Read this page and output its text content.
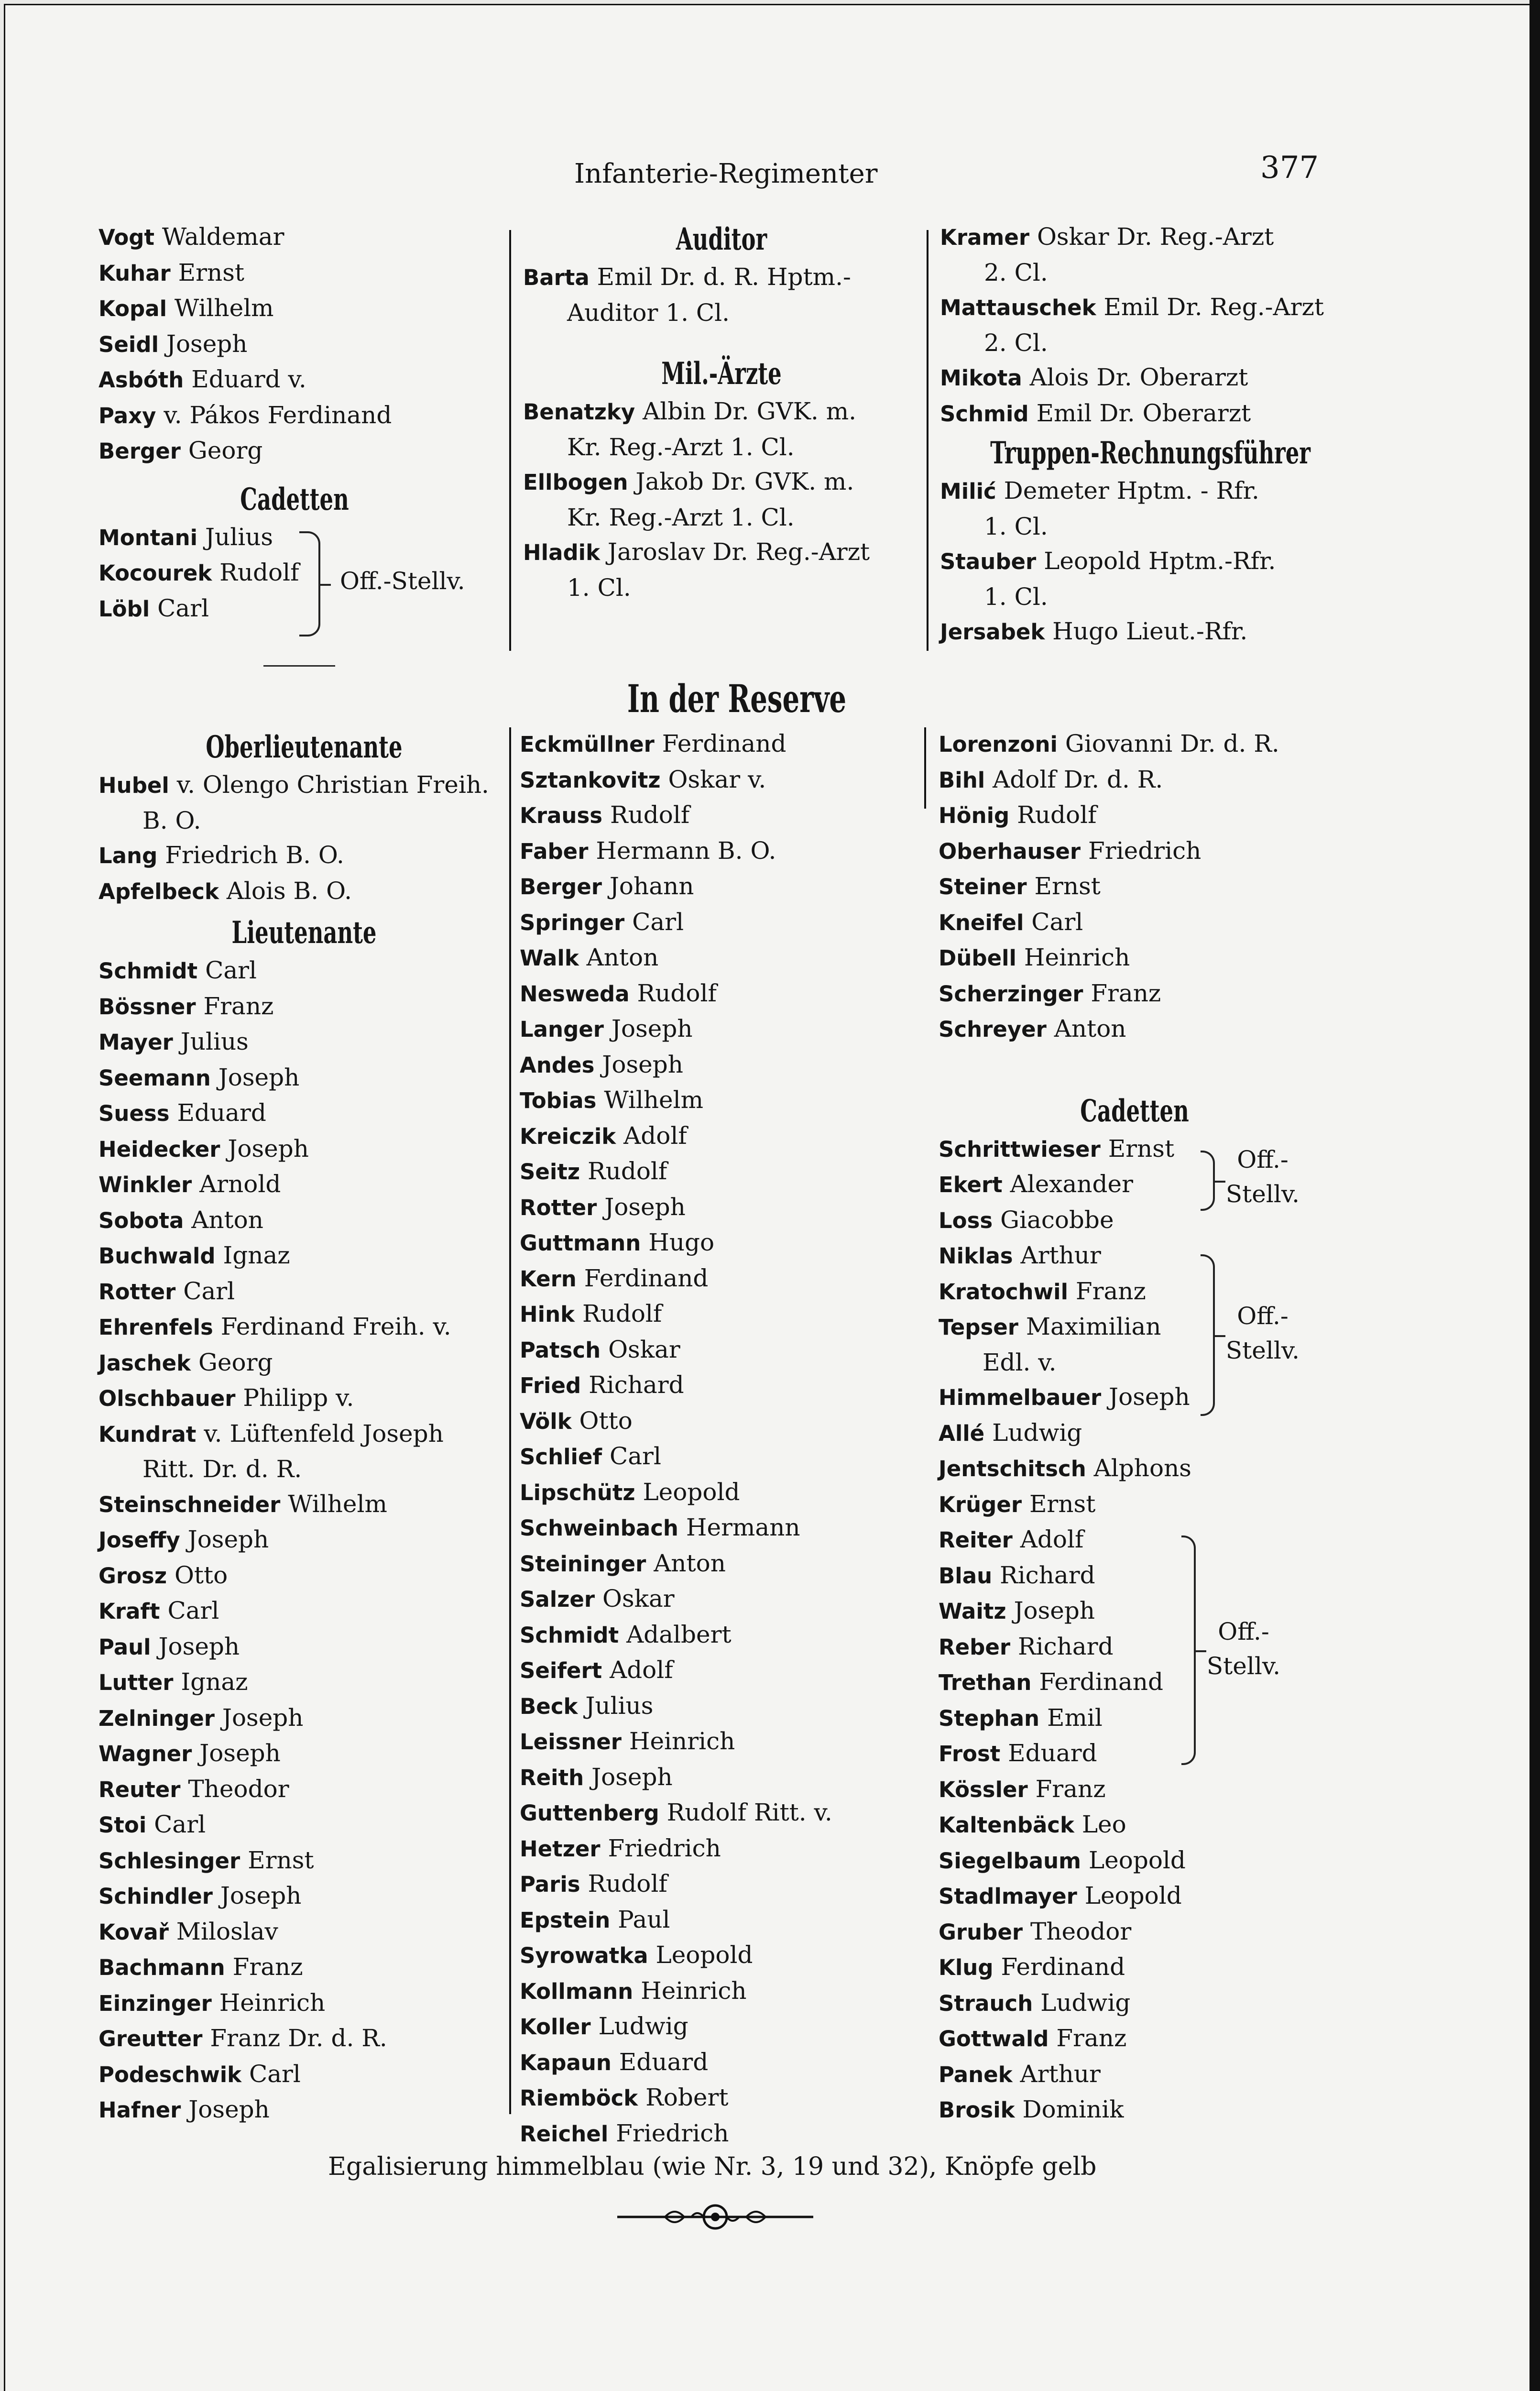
Infanterie-Regimenter	377
Vogt Waldemar
Kuhar Ernst
Kopal Wilhelm
Seidl Joseph
Asbóth Eduard v.
Paxy v. Pákos Ferdinand
Berger Georg
Cadetten
Montani Julius
Kocourek Rudolf
Löbl Carl
Off.-Stellv.
Auditor
Barta Emil Dr. d. R. Hptm.-
Auditor 1. Cl.
Mil.-Ärzte
Benatzky Albin Dr. GVK. m.
Kr. Reg.-Arzt 1. Cl.
Ellbogen Jakob Dr. GVK. m.
Kr. Reg.-Arzt 1. Cl.
Hladik Jaroslav Dr. Reg.-Arzt
1. Cl.
Kramer Oskar Dr. Reg.-Arzt
2. Cl.
Mattauschek Emil Dr. Reg.-Arzt
2. Cl.
Mikota Alois Dr. Oberarzt
Schmid Emil Dr. Oberarzt
Truppen-Rechnungsführer
Milić Demeter Hptm. - Rfr.
1. Cl.
Stauber Leopold Hptm.-Rfr.
1. Cl.
Jersabek Hugo Lieut.-Rfr.
In der Reserve
Oberlieutenante
Hubel v. Olengo Christian Freih.
B. O.
Lang Friedrich B. O.
Apfelbeck Alois B. O.
Lieutenante
Schmidt Carl
Bössner Franz
Mayer Julius
Seemann Joseph
Suess Eduard
Heidecker Joseph
Winkler Arnold
Sobota Anton
Buchwald Ignaz
Rotter Carl
Ehrenfels Ferdinand Freih. v.
Jaschek Georg
Olschbauer Philipp v.
Kundrat v. Lüftenfeld Joseph
Ritt. Dr. d. R.
Steinschneider Wilhelm
Joseffy Joseph
Grosz Otto
Kraft Carl
Paul Joseph
Lutter Ignaz
Zelninger Joseph
Wagner Joseph
Reuter Theodor
Stoi Carl
Schlesinger Ernst
Schindler Joseph
Kovař Miloslav
Bachmann Franz
Einzinger Heinrich
Greutter Franz Dr. d. R.
Podeschwik Carl
Hafner Joseph
Eckmüllner Ferdinand
Sztankovitz Oskar v.
Krauss Rudolf
Faber Hermann B. O.
Berger Johann
Springer Carl
Walk Anton
Nesweda Rudolf
Langer Joseph
Andes Joseph
Tobias Wilhelm
Kreiczik Adolf
Seitz Rudolf
Rotter Joseph
Guttmann Hugo
Kern Ferdinand
Hink Rudolf
Patsch Oskar
Fried Richard
Völk Otto
Schlief Carl
Lipschütz Leopold
Schweinbach Hermann
Steininger Anton
Salzer Oskar
Schmidt Adalbert
Seifert Adolf
Beck Julius
Leissner Heinrich
Reith Joseph
Guttenberg Rudolf Ritt. v.
Hetzer Friedrich
Paris Rudolf
Epstein Paul
Syrowatka Leopold
Kollmann Heinrich
Koller Ludwig
Kapaun Eduard
Riemböck Robert
Reichel Friedrich
Lorenzoni Giovanni Dr. d. R.
Bihl Adolf Dr. d. R.
Hönig Rudolf
Oberhauser Friedrich
Steiner Ernst
Kneifel Carl
Dübell Heinrich
Scherzinger Franz
Schreyer Anton
Cadetten
Schrittwieser Ernst
Ekert Alexander
Loss Giacobbe
Niklas Arthur
Kratochwil Franz
Tepser Maximilian
Edl. v.
Himmelbauer Joseph
Allé Ludwig
Jentschitsch Alphons
Krüger Ernst
Reiter Adolf
Blau Richard
Waitz Joseph
Reber Richard
Trethan Ferdinand
Stephan Emil
Frost Eduard
Kössler Franz
Kaltenbäck Leo
Siegelbaum Leopold
Stadlmayer Leopold
Gruber Theodor
Klug Ferdinand
Strauch Ludwig
Gottwald Franz
Panek Arthur
Brosik Dominik
Off.-
Stellv.
Off.-
Stellv.
Off.-
Stellv.
Egalisierung himmelblau (wie Nr. 3, 19 und 32), Knöpfe gelb
